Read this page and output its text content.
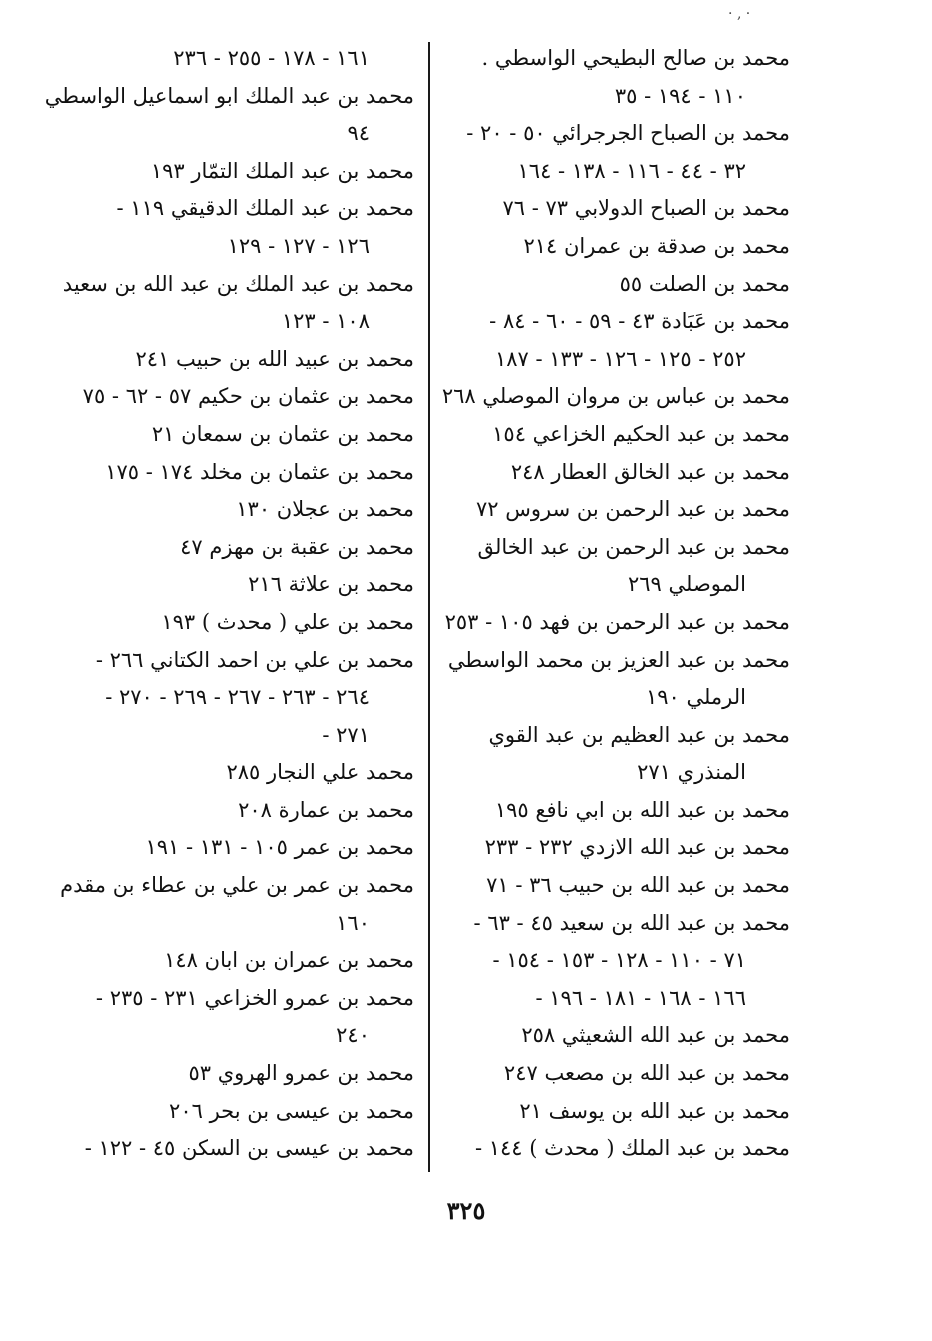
· ‚ ·
محمد بن صالح البطيحي الواسطي .
١١٠ - ١٩٤ - ٣٥
محمد بن الصباح الجرجرائي ٥٠ - ٢٠ -
٣٢ - ٤٤ - ١١٦ - ١٣٨ - ١٦٤
محمد بن الصباح الدولابي ٧٣ - ٧٦
محمد بن صدقة بن عمران ٢١٤
محمد بن الصلت ٥٥
محمد بن عَبَادة ٤٣ - ٥٩ - ٦٠ - ٨٤ -
٢٥٢ - ١٢٥ - ١٢٦ - ١٣٣ - ١٨٧
محمد بن عباس بن مروان الموصلي ٢٦٨
محمد بن عبد الحكيم الخزاعي ١٥٤
محمد بن عبد الخالق العطار ٢٤٨
محمد بن عبد الرحمن بن سروس ٧٢
محمد بن عبد الرحمن بن عبد الخالق
الموصلي ٢٦٩
محمد بن عبد الرحمن بن فهد ١٠٥ - ٢٥٣
محمد بن عبد العزيز بن محمد الواسطي
الرملي ١٩٠
محمد بن عبد العظيم بن عبد القوي
المنذري ٢٧١
محمد بن عبد الله بن ابي نافع ١٩٥
محمد بن عبد الله الازدي ٢٣٢ - ٢٣٣
محمد بن عبد الله بن حبيب ٣٦ - ٧١
محمد بن عبد الله بن سعيد ٤٥ - ٦٣ -
٧١ - ١١٠ - ١٢٨ - ١٥٣ - ١٥٤ -
١٦٦ - ١٦٨ - ١٨١ - ١٩٦ -
محمد بن عبد الله الشعيثي ٢٥٨
محمد بن عبد الله بن مصعب ٢٤٧
محمد بن عبد الله بن يوسف ٢١
محمد بن عبد الملك ( محدث ) ١٤٤ -
١٦١ - ١٧٨ - ٢٥٥ - ٢٣٦
محمد بن عبد الملك ابو اسماعيل الواسطي
٩٤
محمد بن عبد الملك التمّار ١٩٣
محمد بن عبد الملك الدقيقي ١١٩ -
١٢٦ - ١٢٧ - ١٢٩
محمد بن عبد الملك بن عبد الله بن سعيد
١٠٨ - ١٢٣
محمد بن عبيد الله بن حبيب ٢٤١
محمد بن عثمان بن حكيم ٥٧ - ٦٢ - ٧٥
محمد بن عثمان بن سمعان ٢١
محمد بن عثمان بن مخلد ١٧٤ - ١٧٥
محمد بن عجلان ١٣٠
محمد بن عقبة بن مهزم ٤٧
محمد بن علاثة ٢١٦
محمد بن علي ( محدث ) ١٩٣
محمد بن علي بن احمد الكتاني ٢٦٦ -
٢٦٤ - ٢٦٣ - ٢٦٧ - ٢٦٩ - ٢٧٠ -
٢٧١ -
محمد علي النجار ٢٨٥
محمد بن عمارة ٢٠٨
محمد بن عمر ١٠٥ - ١٣١ - ١٩١
محمد بن عمر بن علي بن عطاء بن مقدم
١٦٠
محمد بن عمران بن ابان ١٤٨
محمد بن عمرو الخزاعي ٢٣١ - ٢٣٥ -
٢٤٠
محمد بن عمرو الهروي ٥٣
محمد بن عيسى بن بحر ٢٠٦
محمد بن عيسى بن السكن ٤٥ - ١٢٢ -
٣٢٥
